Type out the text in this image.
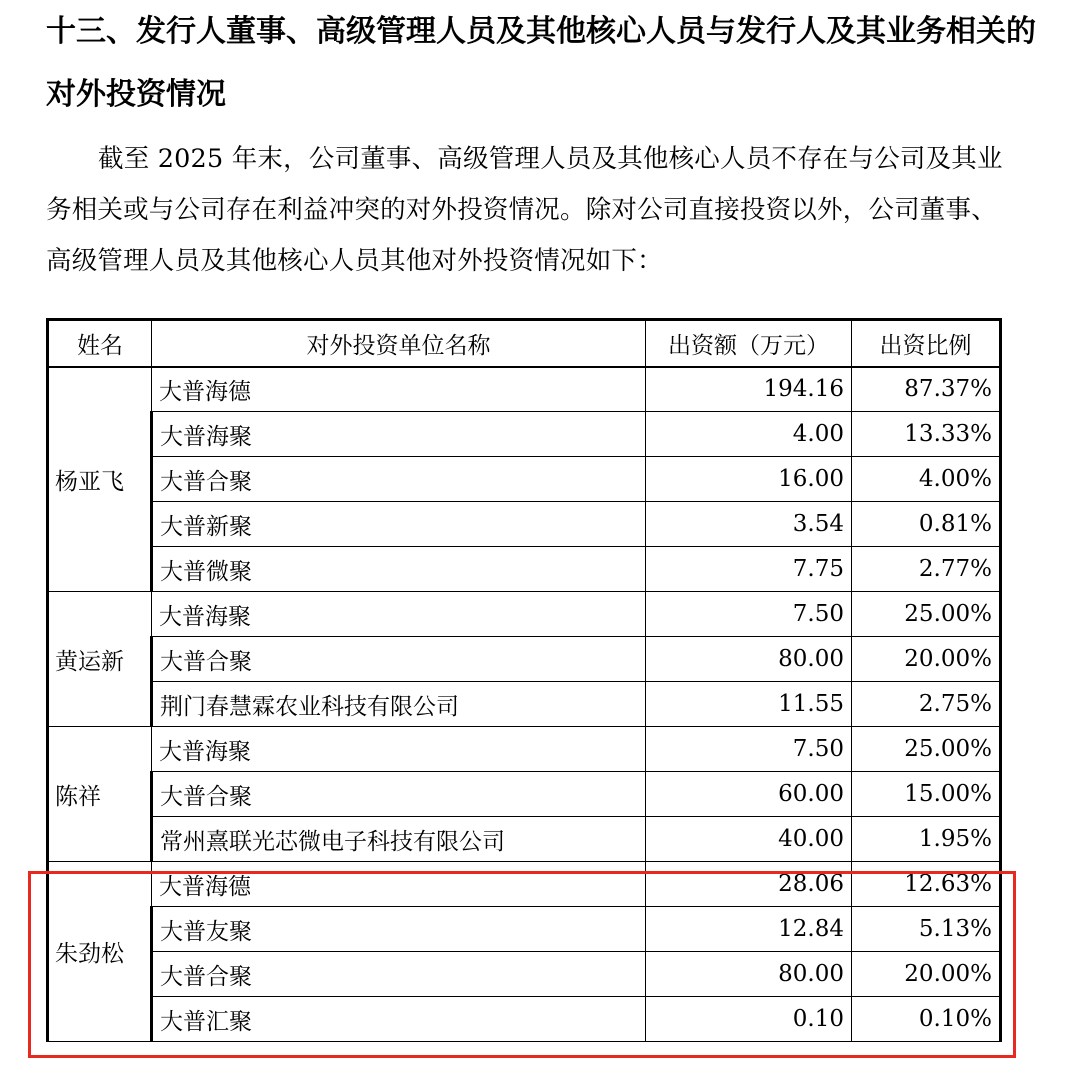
十三、发行人董事、高级管理人员及其他核心人员与发行人及其业务相关的对外投资情况

截至 2025 年末，公司董事、高级管理人员及其他核心人员不存在与公司及其业务相关或与公司存在利益冲突的对外投资情况。除对公司直接投资以外，公司董事、高级管理人员及其他核心人员其他对外投资情况如下：

姓名	对外投资单位名称	出资额（万元）	出资比例
杨亚飞	大普海德	194.16	87.37%
	大普海聚	4.00	13.33%
	大普合聚	16.00	4.00%
	大普新聚	3.54	0.81%
	大普微聚	7.75	2.77%
黄运新	大普海聚	7.50	25.00%
	大普合聚	80.00	20.00%
	荆门春慧霖农业科技有限公司	11.55	2.75%
陈祥	大普海聚	7.50	25.00%
	大普合聚	60.00	15.00%
	常州熹联光芯微电子科技有限公司	40.00	1.95%
朱劲松	大普海德	28.06	12.63%
	大普友聚	12.84	5.13%
	大普合聚	80.00	20.00%
	大普汇聚	0.10	0.10%
